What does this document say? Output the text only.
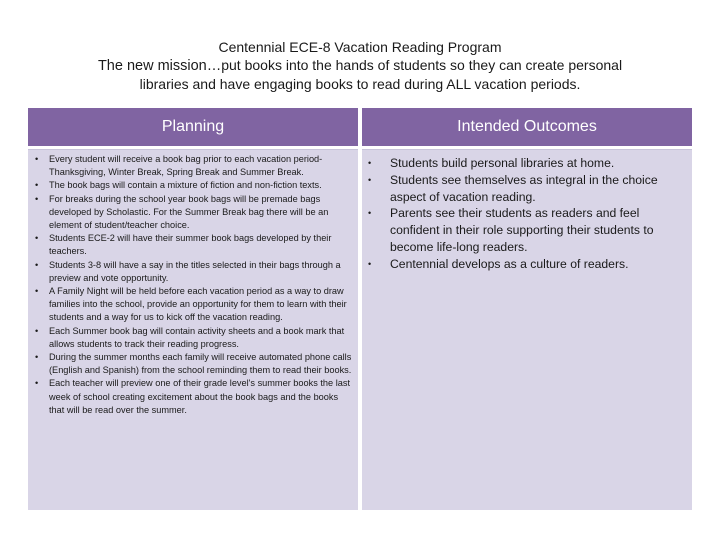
Centennial ECE-8 Vacation Reading Program
The new mission…put books into the hands of students so they can create personal
libraries and have engaging books to read during ALL vacation periods.
Planning	Intended Outcomes
• Every student will receive a book bag prior to each vacation period- Thanksgiving, Winter Break, Spring Break and Summer Break.
• The book bags will contain a mixture of fiction and non-fiction texts.
• For breaks during the school year book bags will be premade bags developed by Scholastic. For the Summer Break bag there will be an element of student/teacher choice.
• Students ECE-2 will have their summer book bags developed by their teachers.
• Students 3-8 will have a say in the titles selected in their bags through a preview and vote opportunity.
• A Family Night will be held before each vacation period as a way to draw families into the school, provide an opportunity for them to learn with their students and a way for us to kick off the vacation reading.
• Each Summer book bag will contain activity sheets and a book mark that allows students to track their reading progress.
• During the summer months each family will receive automated phone calls (English and Spanish) from the school reminding them to read their books.
• Each teacher will preview one of their grade level's summer books the last week of school creating excitement about the book bags and the books that will be read over the summer.
• Students build personal libraries at home.
• Students see themselves as integral in the choice aspect of vacation reading.
• Parents see their students as readers and feel confident in their role supporting their students to become life-long readers.
• Centennial develops as a culture of readers.
